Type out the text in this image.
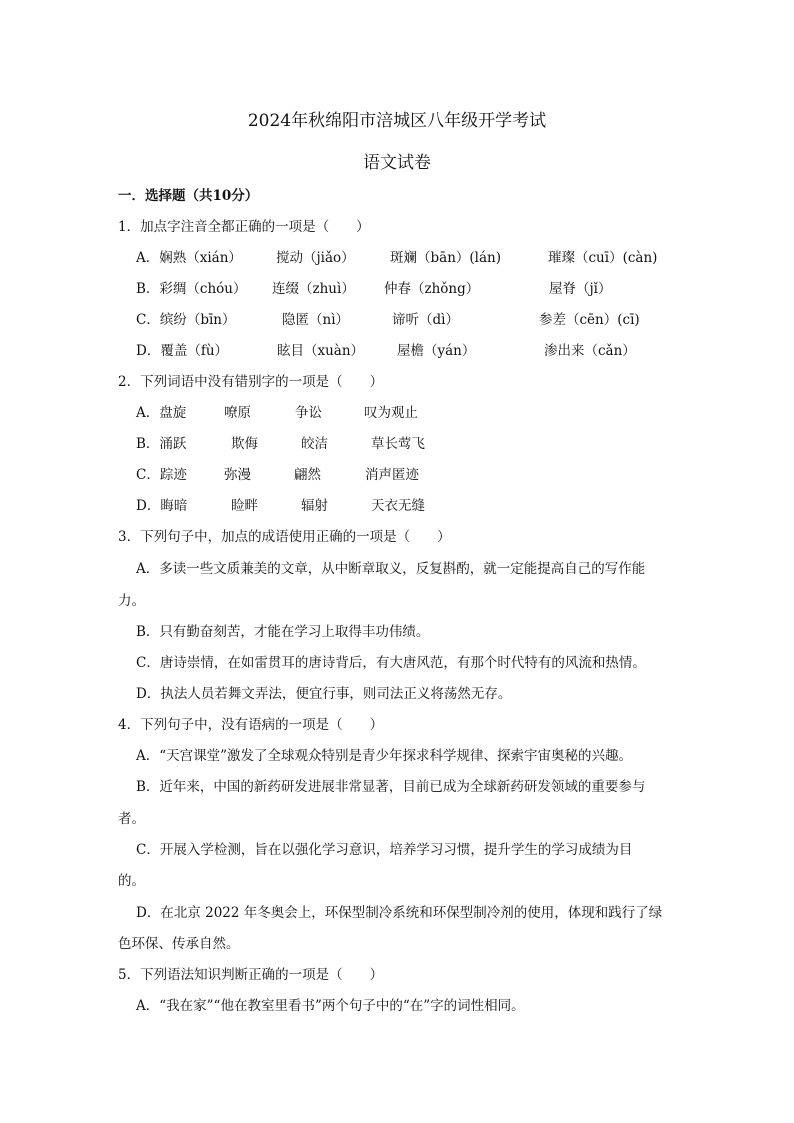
2024年秋绵阳市涪城区八年级开学考试
语文试卷
一．选择题（共10分）
1．加点字注音全都正确的一项是（　　）
A．娴熟（xián）	搅动（jiǎo）	斑斓（bān）(lán)	璀璨（cuī）(càn)
B．彩绸（chóu） 连缀（zhuì） 仲春（zhǒng）	屋脊（jǐ）
C．缤纷（bīn）	隐匿（nì）	谛听（dì）	参差（cēn）(cī)
D．覆盖（fù）	眩目（xuàn） 屋檐（yán）	渗出来（cǎn）
2．下列词语中没有错别字的一项是（　　）
A．盘旋	嘹原	争讼	叹为观止
B．涌跃	欺侮	皎洁	草长莺飞
C．踪迹	弥漫	翩然	消声匿迹
D．晦暗	睑畔	辐射	天衣无缝
3．下列句子中，加点的成语使用正确的一项是（　　）
A．多读一些文质兼美的文章，从中断章取义，反复斟酌，就一定能提高自己的写作能
力。
B．只有勤奋刻苦，才能在学习上取得丰功伟绩。
C．唐诗崇情，在如雷贯耳的唐诗背后，有大唐风范，有那个时代特有的风流和热情。
D．执法人员若舞文弄法，便宜行事，则司法正义将荡然无存。
4．下列句子中，没有语病的一项是（　　）
A．“天宫课堂”激发了全球观众特别是青少年探求科学规律、探索宇宙奥秘的兴趣。
B．近年来，中国的新药研发进展非常显著，目前已成为全球新药研发领域的重要参与
者。
C．开展入学检测，旨在以强化学习意识，培养学习习惯，提升学生的学习成绩为目
的。
D．在北京 2022 年冬奥会上，环保型制冷系统和环保型制冷剂的使用，体现和践行了绿
色环保、传承自然。
5．下列语法知识判断正确的一项是（　　）
A．“我在家”“他在教室里看书”两个句子中的“在”字的词性相同。
